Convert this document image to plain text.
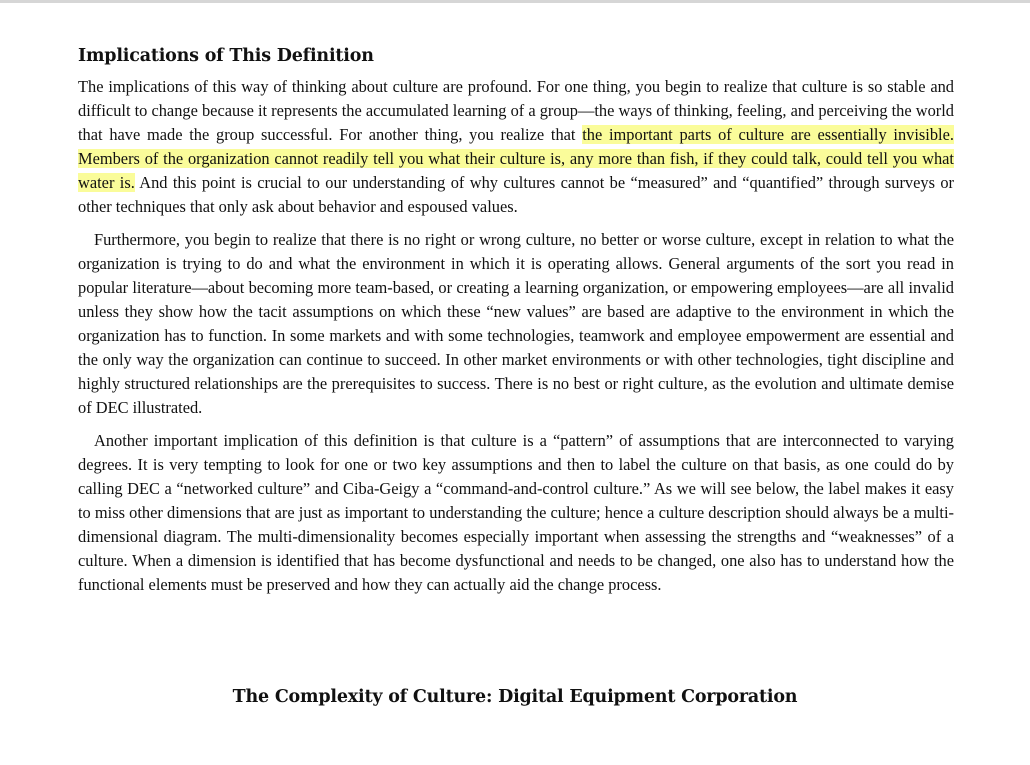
Implications of This Definition

The implications of this way of thinking about culture are profound. For one thing, you begin to realize that culture is so stable and difficult to change because it represents the accumulated learning of a group—the ways of thinking, feeling, and perceiving the world that have made the group successful. For another thing, you realize that the important parts of culture are essentially invisible. Members of the organization cannot readily tell you what their culture is, any more than fish, if they could talk, could tell you what water is. And this point is crucial to our understanding of why cultures cannot be “measured” and “quantified” through surveys or other techniques that only ask about behavior and espoused values.

Furthermore, you begin to realize that there is no right or wrong culture, no better or worse culture, except in relation to what the organization is trying to do and what the environment in which it is operating allows. General arguments of the sort you read in popular literature—about becoming more team-based, or creating a learning organization, or empowering employees—are all invalid unless they show how the tacit assumptions on which these “new values” are based are adaptive to the environment in which the organization has to function. In some markets and with some technologies, teamwork and employee empowerment are essential and the only way the organization can continue to succeed. In other market environments or with other technologies, tight discipline and highly structured relationships are the prerequisites to success. There is no best or right culture, as the evolution and ultimate demise of DEC illustrated.

Another important implication of this definition is that culture is a “pattern” of assumptions that are interconnected to varying degrees. It is very tempting to look for one or two key assumptions and then to label the culture on that basis, as one could do by calling DEC a “networked culture” and Ciba-Geigy a “command-and-control culture.” As we will see below, the label makes it easy to miss other dimensions that are just as important to understanding the culture; hence a culture description should always be a multi-dimensional diagram. The multi-dimensionality becomes especially important when assessing the strengths and “weaknesses” of a culture. When a dimension is identified that has become dysfunctional and needs to be changed, one also has to understand how the functional elements must be preserved and how they can actually aid the change process.

The Complexity of Culture: Digital Equipment Corporation
